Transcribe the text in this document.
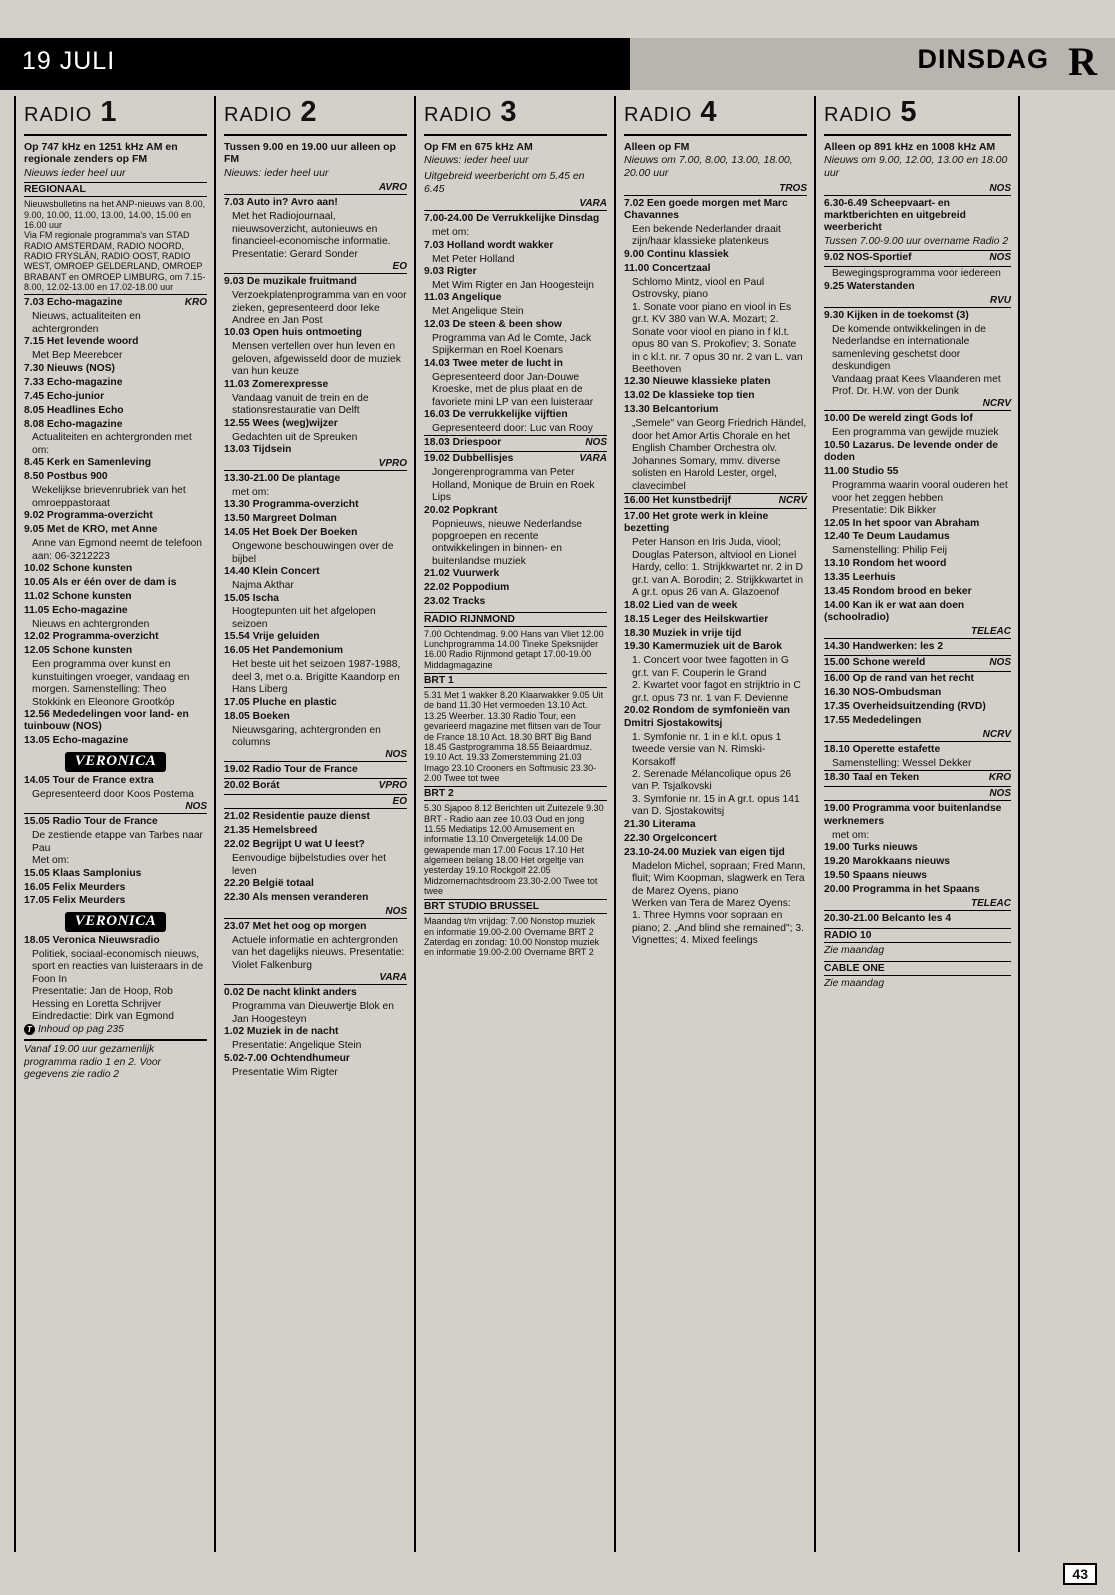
19 JULI	DINSDAG R
RADIO 1
Op 747 kHz en 1251 kHz AM en regionale zenders op FM
Nieuws ieder heel uur
REGIONAAL
Nieuwsbulletins na het ANP-nieuws van 8.00, 9.00, 10.00, 11.00, 13.00, 14.00, 15.00 en 16.00 uur
Via FM regionale programma's van STAD RADIO AMSTERDAM, RADIO NOORD, RADIO FRYSLÂN, RADIO OOST, RADIO WEST, OMROEP GELDERLAND, OMROEP BRABANT en OMROEP LIMBURG, om 7.15-8.00, 12.02-13.00 en 17.02-18.00 uur
KRO
7.03 Echo-magazine
Nieuws, actualiteiten en achtergronden
7.15 Het levende woord
Met Bep Meerebcer
7.30 Nieuws (NOS)
7.33 Echo-magazine
7.45 Echo-junior
8.05 Headlines Echo
8.08 Echo-magazine
Actualiteiten en achtergronden met om:
8.45 Kerk en Samenleving
8.50 Postbus 900
Wekelijkse brievenrubriek van het omroeppastoraat
9.02 Programma-overzicht
9.05 Met de KRO, met Anne
Anne van Egmond neemt de telefoon aan: 06-3212223
10.02 Schone kunsten
10.05 Als er één over de dam is
11.02 Schone kunsten
11.05 Echo-magazine
Nieuws en achtergronden
12.02 Programma-overzicht
12.05 Schone kunsten
Een programma over kunst en kunstuitingen vroeger, vandaag en morgen. Samenstelling: Theo Stokkink en Eleonore Grootkóp
12.56 Mededelingen voor land- en tuinbouw (NOS)
13.05 Echo-magazine
VERONICA
14.05 Tour de France extra
Gepresenteerd door Koos Postema
NOS
15.05 Radio Tour de France
De zestiende etappe van Tarbes naar Pau
Met om:
15.05 Klaas Samplonius
16.05 Felix Meurders
17.05 Felix Meurders
VERONICA
18.05 Veronica Nieuwsradio
Politiek, sociaal-economisch nieuws, sport en reacties van luisteraars in de Foon In
Presentatie: Jan de Hoop, Rob Hessing en Loretta Schrijver
Eindredactie: Dirk van Egmond
T Inhoud op pag 235
Vanaf 19.00 uur gezamenlijk programma radio 1 en 2. Voor gegevens zie radio 2
RADIO 2
Tussen 9.00 en 19.00 uur alleen op FM
Nieuws: ieder heel uur
AVRO
7.03 Auto in? Avro aan!
Met het Radiojournaal, nieuwsoverzicht, autonieuws en financieel-economische informatie. Presentatie: Gerard Sonder
EO
9.03 De muzikale fruitmand
Verzoekplatenprogramma van en voor zieken, gepresenteerd door Ieke Andree en Jan Post
10.03 Open huis ontmoeting
Mensen vertellen over hun leven en geloven, afgewisseld door de muziek van hun keuze
11.03 Zomerexpresse
Vandaag vanuit de trein en de stationsrestauratie van Delft
12.55 Wees (weg)wijzer
Gedachten uit de Spreuken
13.03 Tijdsein
VPRO
13.30-21.00 De plantage
met om:
13.30 Programma-overzicht
13.50 Margreet Dolman
14.05 Het Boek Der Boeken
Ongewone beschouwingen over de bijbel
14.40 Klein Concert
Najma Akthar
15.05 Ischa
Hoogtepunten uit het afgelopen seizoen
15.54 Vrije geluiden
16.05 Het Pandemonium
Het beste uit het seizoen 1987-1988, deel 3, met o.a. Brigitte Kaandorp en Hans Liberg
17.05 Pluche en plastic
18.05 Boeken
Nieuwsgaring, achtergronden en columns
NOS
19.02 Radio Tour de France
VPRO
20.02 Borát
EO
21.02 Residentie pauze dienst
21.35 Hemelsbreed
22.02 Begrijpt U wat U leest?
Eenvoudige bijbelstudies over het leven
22.20 België totaal
22.30 Als mensen veranderen
NOS
23.07 Met het oog op morgen
Actuele informatie en achtergronden van het dagelijks nieuws. Presentatie: Violet Falkenburg
VARA
0.02 De nacht klinkt anders
Programma van Dieuwertje Blok en Jan Hoogesteyn
1.02 Muziek in de nacht
Presentatie: Angelique Stein
5.02-7.00 Ochtendhumeur
Presentatie Wim Rigter
RADIO 3
Op FM en 675 kHz AM
Nieuws: ieder heel uur
Uitgebreid weerbericht om 5.45 en 6.45
VARA
7.00-24.00 De Verrukkelijke Dinsdag
met om:
7.03 Holland wordt wakker
Met Peter Holland
9.03 Rigter
Met Wim Rigter en Jan Hoogesteijn
11.03 Angelique
Met Angelique Stein
12.03 De steen & been show
Programma van Ad le Comte, Jack Spijkerman en Roel Koenars
14.03 Twee meter de lucht in
Gepresenteerd door Jan-Douwe Kroeske, met de plus plaat en de favoriete mini LP van een luisteraar
16.03 De verrukkelijke vijftien
Gepresenteerd door: Luc van Rooy
NOS
18.03 Driespoor
VARA
19.02 Dubbellisjes
Jongerenprogramma van Peter Holland, Monique de Bruin en Roek Lips
20.02 Popkrant
Popnieuws, nieuwe Nederlandse popgroepen en recente ontwikkelingen in binnen- en buitenlandse muziek
21.02 Vuurwerk
22.02 Poppodium
23.02 Tracks
RADIO RIJNMOND
7.00 Ochtendmag. 9.00 Hans van Vliet 12.00 Lunchprogramma 14.00 Tineke Speksnijder 16.00 Radio Rijnmond getapt 17.00-19.00 Middagmagazine
BRT 1
5.31 Met 1 wakker 8.20 Klaarwakker 9.05 Uit de band 11.30 Het vermoeden 13.10 Act. 13.25 Weerber. 13.30 Radio Tour, een gevarieerd magazine met flitsen van de Tour de France 18.10 Act. 18.30 BRT Big Band 18.45 Gastprogramma 18.55 Beiaardmuz. 19.10 Act. 19.33 Zomerstemming 21.03 Imago 23.10 Crooners en Softmusic 23.30-2.00 Twee tot twee
BRT 2
5.30 Sjapoo 8.12 Berichten uit Zuitezele 9.30 BRT - Radio aan zee 10.03 Oud en jong 11.55 Mediatips 12.00 Amusement en informatie 13.10 Onvergetelijk 14.00 De gewapende man 17.00 Focus 17.10 Het algemeen belang 18.00 Het orgeltje van yesterday 19.10 Rockgolf 22.05 Midzomernachtsdroom 23.30-2.00 Twee tot twee
BRT STUDIO BRUSSEL
Maandag t/m vrijdag: 7.00 Nonstop muziek en informatie 19.00-2.00 Overname BRT 2
Zaterdag en zondag: 10.00 Nonstop muziek en informatie 19.00-2.00 Overname BRT 2
RADIO 4
Alleen op FM
Nieuws om 7.00, 8.00, 13.00, 18.00, 20.00 uur
TROS
7.02 Een goede morgen met Marc Chavannes
Een bekende Nederlander draait zijn/haar klassieke platenkeus
9.00 Continu klassiek
11.00 Concertzaal
Schlomo Mintz, viool en Paul Ostrovsky, piano
1. Sonate voor piano en viool in Es gr.t. KV 380 van W.A. Mozart; 2. Sonate voor viool en piano in f kl.t. opus 80 van S. Prokofiev; 3. Sonate in c kl.t. nr. 7 opus 30 nr. 2 van L. van Beethoven
12.30 Nieuwe klassieke platen
13.02 De klassieke top tien
13.30 Belcantorium
„Semele" van Georg Friedrich Händel, door het Amor Artis Chorale en het English Chamber Orchestra olv. Johannes Somary, mmv. diverse solisten en Harold Lester, orgel, clavecimbel
NCRV
16.00 Het kunstbedrijf
17.00 Het grote werk in kleine bezetting
Peter Hanson en Iris Juda, viool; Douglas Paterson, altviool en Lionel Hardy, cello: 1. Strijkkwartet nr. 2 in D gr.t. van A. Borodin; 2. Strijkkwartet in A gr.t. opus 26 van A. Glazoenof
18.02 Lied van de week
18.15 Leger des Heilskwartier
18.30 Muziek in vrije tijd
19.30 Kamermuziek uit de Barok
1. Concert voor twee fagotten in G gr.t. van F. Couperin le Grand
2. Kwartet voor fagot en strijktrio in C gr.t. opus 73 nr. 1 van F. Devienne
20.02 Rondom de symfonieën van Dmitri Sjostakowitsj
1. Symfonie nr. 1 in e kl.t. opus 1 tweede versie van N. Rimski-Korsakoff
2. Serenade Mélancolique opus 26 van P. Tsjalkovski
3. Symfonie nr. 15 in A gr.t. opus 141 van D. Sjostakowitsj
21.30 Literama
22.30 Orgelconcert
23.10-24.00 Muziek van eigen tijd
Madelon Michel, sopraan; Fred Mann, fluit; Wim Koopman, slagwerk en Tera de Marez Oyens, piano
Werken van Tera de Marez Oyens:
1. Three Hymns voor sopraan en piano; 2. „And blind she remained"; 3. Vignettes; 4. Mixed feelings
RADIO 5
Alleen op 891 kHz en 1008 kHz AM
Nieuws om 9.00, 12.00, 13.00 en 18.00 uur
NOS
6.30-6.49 Scheepvaart- en marktberichten en uitgebreid weerbericht
Tussen 7.00-9.00 uur overname Radio 2
NOS
9.02 NOS-Sportief
Bewegingsprogramma voor iedereen
9.25 Waterstanden
RVU
9.30 Kijken in de toekomst (3)
De komende ontwikkelingen in de Nederlandse en internationale samenleving geschetst door deskundigen
Vandaag praat Kees Vlaanderen met Prof. Dr. H.W. von der Dunk
NCRV
10.00 De wereld zingt Gods lof
Een programma van gewijde muziek
10.50 Lazarus. De levende onder de doden
11.00 Studio 55
Programma waarin vooral ouderen het voor het zeggen hebben
Presentatie: Dik Bikker
12.05 In het spoor van Abraham
12.40 Te Deum Laudamus
Samenstelling: Philip Feij
13.10 Rondom het woord
13.35 Leerhuis
13.45 Rondom brood en beker
14.00 Kan ik er wat aan doen (schoolradio)
TELEAC
14.30 Handwerken: les 2
NOS
15.00 Schone wereld
16.00 Op de rand van het recht
16.30 NOS-Ombudsman
17.35 Overheidsuitzending (RVD)
17.55 Mededelingen
NCRV
18.10 Operette estafette
Samenstelling: Wessel Dekker
KRO
18.30 Taal en Teken
NOS
19.00 Programma voor buitenlandse werknemers
met om:
19.00 Turks nieuws
19.20 Marokkaans nieuws
19.50 Spaans nieuws
20.00 Programma in het Spaans
TELEAC
20.30-21.00 Belcanto les 4
RADIO 10
Zie maandag
CABLE ONE
Zie maandag
43
